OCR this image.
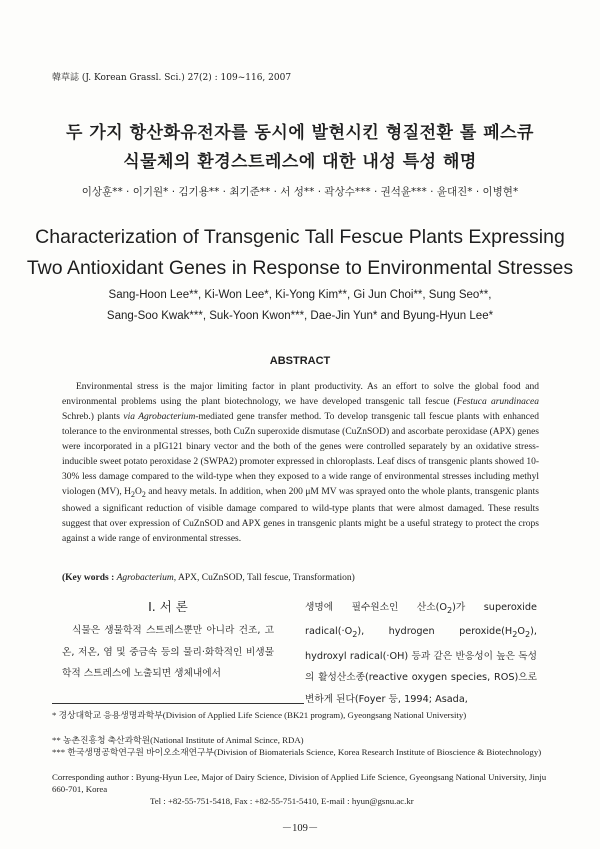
韓草誌 (J. Korean Grassl. Sci.) 27(2) : 109~116, 2007
두 가지 항산화유전자를 동시에 발현시킨 형질전환 톨 페스큐
식물체의 환경스트레스에 대한 내성 특성 해명
이상훈** · 이기원* · 김기용** · 최기준** · 서 성** · 곽상수*** · 권석윤*** · 윤대진* · 이병현*
Characterization of Transgenic Tall Fescue Plants Expressing
Two Antioxidant Genes in Response to Environmental Stresses
Sang-Hoon Lee**, Ki-Won Lee*, Ki-Yong Kim**, Gi Jun Choi**, Sung Seo**,
Sang-Soo Kwak***, Suk-Yoon Kwon***, Dae-Jin Yun* and Byung-Hyun Lee*
ABSTRACT
Environmental stress is the major limiting factor in plant productivity. As an effort to solve the global food and environmental problems using the plant biotechnology, we have developed transgenic tall fescue (Festuca arundinacea Schreb.) plants via Agrobacterium-mediated gene transfer method. To develop transgenic tall fescue plants with enhanced tolerance to the environmental stresses, both CuZn superoxide dismutase (CuZnSOD) and ascorbate peroxidase (APX) genes were incorporated in a pIG121 binary vector and the both of the genes were controlled separately by an oxidative stress-inducible sweet potato peroxidase 2 (SWPA2) promoter expressed in chloroplasts. Leaf discs of transgenic plants showed 10-30% less damage compared to the wild-type when they exposed to a wide range of environmental stresses including methyl viologen (MV), $H_2O_2$ and heavy metals. In addition, when 200 μM MV was sprayed onto the whole plants, transgenic plants showed a significant reduction of visible damage compared to wild-type plants that were almost damaged. These results suggest that over expression of CuZnSOD and APX genes in transgenic plants might be a useful strategy to protect the crops against a wide range of environmental stresses.
(Key words : Agrobacterium, APX, CuZnSOD, Tall fescue, Transformation)
Ⅰ. 서 론
식물은 생물학적 스트레스뿐만 아니라 건조, 고온, 저온, 염 및 중금속 등의 물리·화학적인 비생물학적 스트레스에 노출되면 생체내에서
생명에 필수원소인 산소$(O_2)$가 superoxide $radical(\cdot O_2)$, hydrogen $peroxide(H_2O_2)$, hydroxyl radical(·OH) 등과 같은 반응성이 높은 독성의 활성산소종(reactive oxygen species, ROS)으로 변하게 된다(Foyer 등, 1994; Asada,
* 경상대학교 응용생명과학부(Division of Applied Life Science (BK21 program), Gyeongsang National University)
** 농촌진흥청 축산과학원(National Institute of Animal Scince, RDA)
*** 한국생명공학연구원 바이오소재연구부(Division of Biomaterials Science, Korea Research Institute of Bioscience & Biotechnology)
Corresponding author : Byung-Hyun Lee, Major of Dairy Science, Division of Applied Life Science, Gyeongsang National University, Jinju 660-701, Korea
Tel : +82-55-751-5418, Fax : +82-55-751-5410, E-mail : hyun@gsnu.ac.kr
－109－
